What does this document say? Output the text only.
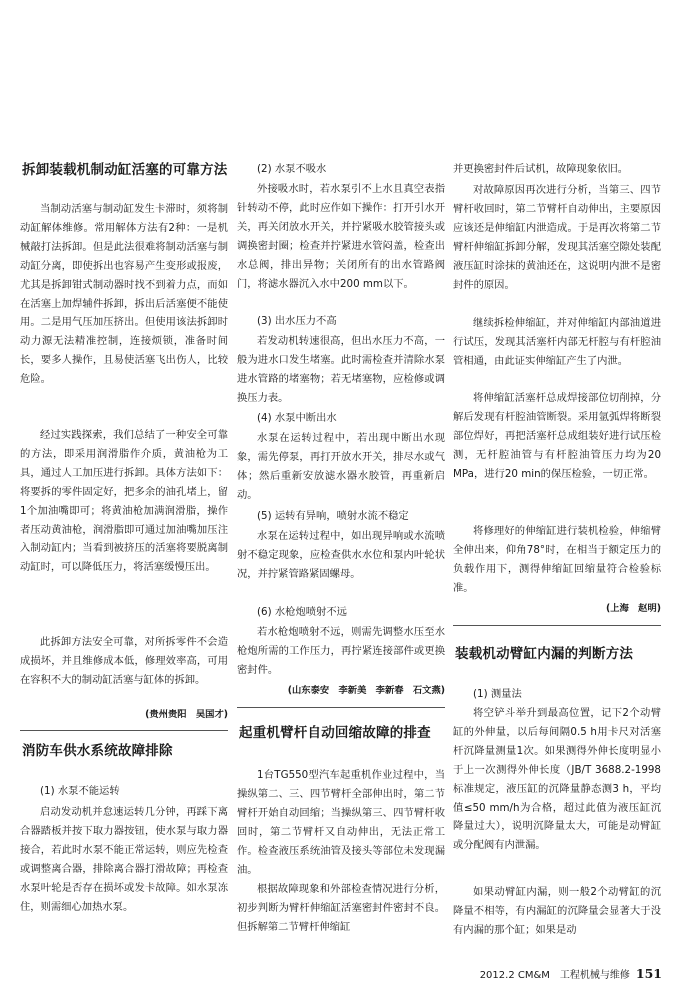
拆卸装载机制动缸活塞的可靠方法

当制动活塞与制动缸发生卡滞时，须将制动缸解体维修。常用解体方法有2种：一是机械敲打法拆卸。但是此法很难将制动活塞与制动缸分离，即使拆出也容易产生变形或报废，尤其是拆卸钳式制动器时找不到着力点，而如在活塞上加焊辅件拆卸，拆出后活塞便不能使用。二是用气压加压挤出。但使用该法拆卸时动力源无法精准控制，连接烦锁，准备时间长，要多人操作，且易使活塞飞出伤人，比较危险。

经过实践探索，我们总结了一种安全可靠的方法，即采用润滑脂作介质，黄油枪为工具，通过人工加压进行拆卸。具体方法如下：将要拆的零件固定好，把多余的油孔堵上，留1个加油嘴即可；将黄油枪加满润滑脂，操作者压动黄油枪，润滑脂即可通过加油嘴加压注入制动缸内；当看到被挤压的活塞将要脱离制动缸时，可以降低压力，将活塞缓慢压出。

此拆卸方法安全可靠，对所拆零件不会造成损坏，并且维修成本低，修理效率高，可用在容积不大的制动缸活塞与缸体的拆卸。

(贵州贵阳　吴国才)
消防车供水系统故障排除
(1) 水泵不能运转

启动发动机并怠速运转几分钟，再踩下离合器踏板并按下取力器按钮，使水泵与取力器接合，若此时水泵不能正常运转，则应先检查或调整离合器，排除离合器打滑故障；再检查水泵叶轮是否存在损坏或发卡故障。如水泵冻住，则需细心加热水泵。

(2) 水泵不吸水

外接吸水时，若水泵引不上水且真空表指针转动不停，此时应作如下操作：打开引水开关，再关闭放水开关，并拧紧吸水胶管接头或调换密封圈；检查并拧紧进水管闷盖，检查出水总阀，排出异物；关闭所有的出水管路阀门，将滤水器沉入水中200 mm以下。

(3) 出水压力不高

若发动机转速很高，但出水压力不高，一般为进水口发生堵塞。此时需检查并清除水泵进水管路的堵塞物；若无堵塞物，应检修或调换压力表。

(4) 水泵中断出水

水泵在运转过程中，若出现中断出水现象，需先停泵，再打开放水开关，排尽水或气体；然后重新安放滤水器水胶管，再重新启动。

(5) 运转有异响，喷射水流不稳定

水泵在运转过程中，如出现异响或水流喷射不稳定现象，应检查供水水位和泵内叶轮状况，并拧紧管路紧固螺母。

(6) 水枪炮喷射不远

若水枪炮喷射不远，则需先调整水压至水枪炮所需的工作压力，再拧紧连接部件或更换密封件。

(山东泰安　李新美　李新春　石文燕)
起重机臂杆自动回缩故障的排查

1台TG550型汽车起重机作业过程中，当操纵第二、三、四节臂杆全部伸出时，第二节臂杆开始自动回缩；当操纵第三、四节臂杆收回时，第二节臂杆又自动伸出，无法正常工作。检查液压系统油管及接头等部位未发现漏油。

根据故障现象和外部检查情况进行分析，初步判断为臂杆伸缩缸活塞密封件密封不良。但拆解第二节臂杆伸缩缸

并更换密封件后试机，故障现象依旧。

对故障原因再次进行分析，当第三、四节臂杆收回时，第二节臂杆自动伸出，主要原因应该还是伸缩缸内泄造成。于是再次将第二节臂杆伸缩缸拆卸分解，发现其活塞空隙处装配液压缸时涂抹的黄油还在，这说明内泄不是密封件的原因。

继续拆检伸缩缸，并对伸缩缸内部油道进行试压，发现其活塞杆内部无杆腔与有杆腔油管相通，由此证实伸缩缸产生了内泄。

将伸缩缸活塞杆总成焊接部位切削掉，分解后发现有杆腔油管断裂。采用氩弧焊将断裂部位焊好，再把活塞杆总成组装好进行试压检测，无杆腔油管与有杆腔油管压力均为20 MPa，进行20 min的保压检验，一切正常。

将修理好的伸缩缸进行装机检验，伸缩臂全伸出来，仰角78°时，在相当于额定压力的负载作用下，测得伸缩缸回缩量符合检验标准。

(上海　赵明)
装载机动臂缸内漏的判断方法
(1) 测量法

将空铲斗举升到最高位置，记下2个动臂缸的外伸量，以后每间隔0.5 h用卡尺对活塞杆沉降量测量1次。如果测得外伸长度明显小于上一次测得外伸长度（JB/T 3688.2-1998标准规定，液压缸的沉降量静态测3 h，平均值≤50 mm/h为合格，超过此值为液压缸沉降量过大），说明沉降量太大，可能是动臂缸或分配阀有内泄漏。

如果动臂缸内漏，则一般2个动臂缸的沉降量不相等，有内漏缸的沉降量会显著大于没有内漏的那个缸；如果是动

2012.2 CM&M　工程机械与维修 151
